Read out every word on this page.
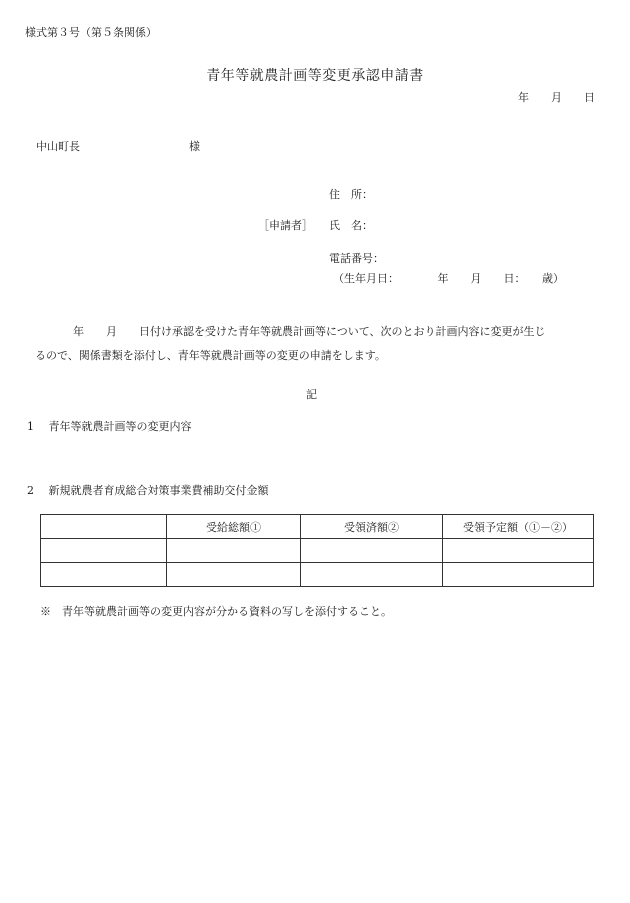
様式第３号（第５条関係）
青年等就農計画等変更承認申請書
年 月 日
中山町長	様
住　所：
［申請者］ 氏　名：
電話番号：
（生年月日：　　　　年　　月　　日：　　歳）
年　　月　　日付け承認を受けた青年等就農計画等について、次のとおり計画内容に変更が生じ
るので、関係書類を添付し、青年等就農計画等の変更の申請をします。
記
1　 青年等就農計画等の変更内容
2　 新規就農者育成総合対策事業費補助交付金額
	受給総額①	受領済額②	受領予定額（①－②）

※　青年等就農計画等の変更内容が分かる資料の写しを添付すること。
